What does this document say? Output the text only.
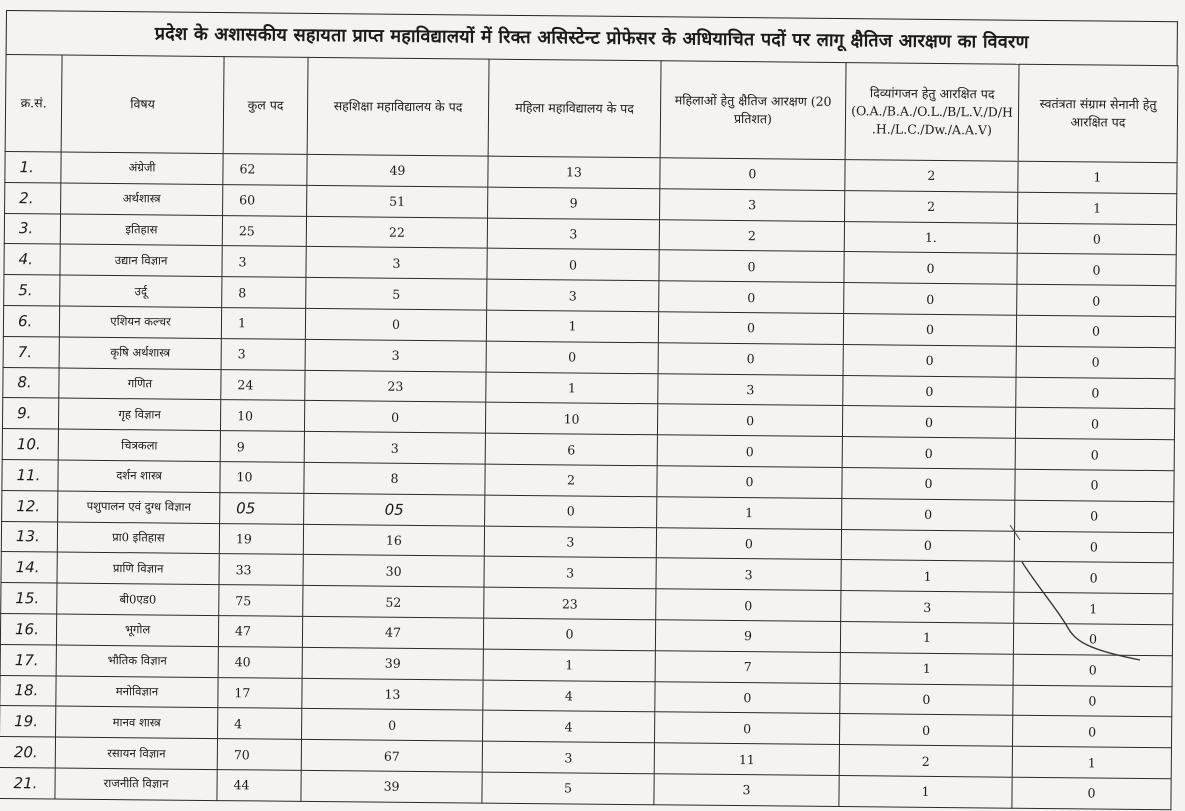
प्रदेश के अशासकीय सहायता प्राप्त महाविद्यालयों में रिक्त असिस्टेन्ट प्रोफेसर के अधियाचित पदों पर लागू क्षैतिज आरक्षण का विवरण
क्र.सं.	विषय	कुल पद	सहशिक्षा महाविद्यालय के पद	महिला महाविद्यालय के पद	महिलाओं हेतु क्षैतिज आरक्षण (20 प्रतिशत)	दिव्यांगजन हेतु आरक्षित पद (O.A./B.A./O.L./B/L.V./D/H .H./L.C./Dw./A.A.V)	स्वतंत्रता संग्राम सेनानी हेतु आरक्षित पद
1.	अंग्रेजी	62	49	13	0	2	1
2.	अर्थशास्त्र	60	51	9	3	2	1
3.	इतिहास	25	22	3	2	1.	0
4.	उद्यान विज्ञान	3	3	0	0	0	0
5.	उर्दू	8	5	3	0	0	0
6.	एशियन कल्चर	1	0	1	0	0	0
7.	कृषि अर्थशास्त्र	3	3	0	0	0	0
8.	गणित	24	23	1	3	0	0
9.	गृह विज्ञान	10	0	10	0	0	0
10.	चित्रकला	9	3	6	0	0	0
11.	दर्शन शास्त्र	10	8	2	0	0	0
12.	पशुपालन एवं दुग्ध विज्ञान	05	05	0	1	0	0
13.	प्रा0 इतिहास	19	16	3	0	0	0
14.	प्राणि विज्ञान	33	30	3	3	1	0
15.	बी0एड0	75	52	23	0	3	1
16.	भूगोल	47	47	0	9	1	0
17.	भौतिक विज्ञान	40	39	1	7	1	0
18.	मनोविज्ञान	17	13	4	0	0	0
19.	मानव शास्त्र	4	0	4	0	0	0
20.	रसायन विज्ञान	70	67	3	11	2	1
21.	राजनीति विज्ञान	44	39	5	3	1	0
